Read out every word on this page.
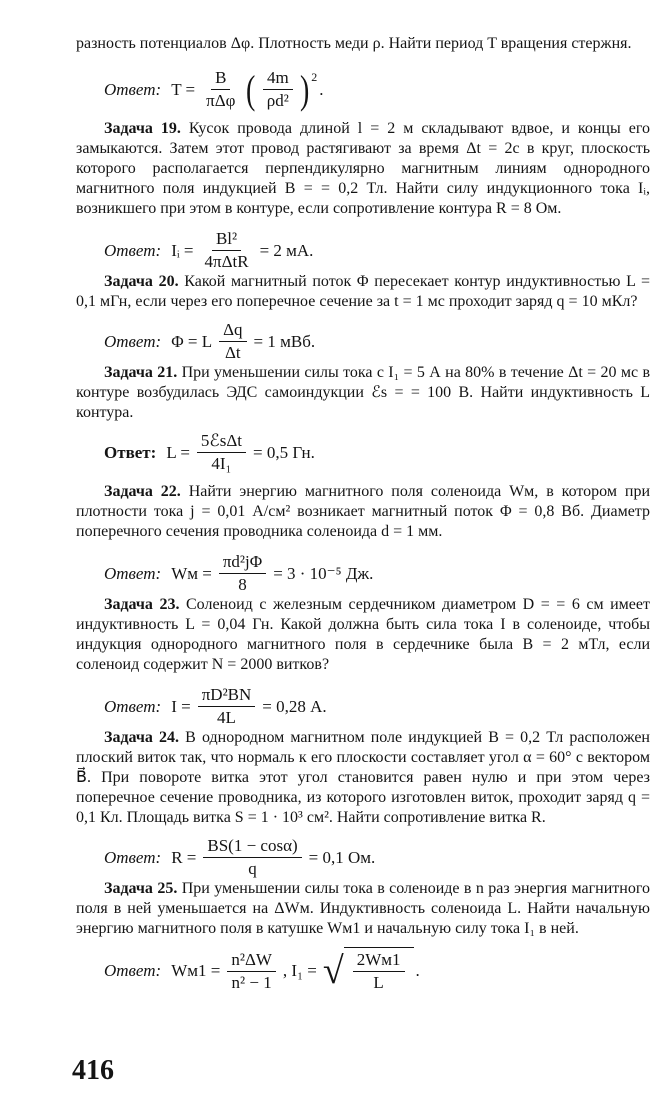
разность потенциалов Δφ. Плотность меди ρ. Найти период T вращения стержня.

Ответ: $T = \frac{B}{\text{πΔφ}}$ ( $\frac{4m}{\text{ρd²}}$ ) 2
.

Задача 19. Кусок провода длиной l = 2 м складывают вдвое, и концы его замыкаются. Затем этот провод растягивают за время Δt = 2с в круг, плоскость которого располагается перпендикулярно магнитным линиям однородного магнитного поля индукцией B = = 0,2 Тл. Найти силу индукционного тока Iᵢ, возникшего при этом в контуре, если сопротивление контура R = 8 Ом.

Ответ: Iᵢ = $\frac{\text{Bl²}}{\text{4πΔtR}} = 2$ мА.

Задача 20. Какой магнитный поток Φ пересекает контур индуктивностью L = 0,1 мГн, если через его поперечное сечение за t = 1 мс проходит заряд q = 10 мКл?

Ответ: Φ = L $\frac{\Delta q}{\Delta t} = 1$ мВб.

Задача 21. При уменьшении силы тока с I₁ = 5 А на 80% в течение Δt = 20 мс в контуре возбудилась ЭДС самоиндукции ℰs = = 100 В. Найти индуктивность L контура.

Ответ: $L = \frac{\text{5ℰsΔt}}{\text{4I₁}} = 0,5$ Гн.

Задача 22. Найти энергию магнитного поля соленоида Wм, в котором при плотности тока j = 0,01 А/см² возникает магнитный поток Φ = 0,8 Вб. Диаметр поперечного сечения проводника соленоида d = 1 мм.

Ответ: Wм = $\frac{\text{πd²jΦ}}{8} = 3 \cdot 10^{-5}$ Дж.

Задача 23. Соленоид с железным сердечником диаметром D = = 6 см имеет индуктивность L = 0,04 Гн. Какой должна быть сила тока I в соленоиде, чтобы индукция однородного магнитного поля в сердечнике была B = 2 мТл, если соленоид содержит N = 2000 витков?

Ответ: $I = \frac{\text{πD²BN}}{4L} = 0,28$ А.

Задача 24. В однородном магнитном поле индукцией B = 0,2 Тл расположен плоский виток так, что нормаль к его плоскости составляет угол α = 60° с вектором B⃗. При повороте витка этот угол становится равен нулю и при этом через поперечное сечение проводника, из которого изготовлен виток, проходит заряд q = 0,1 Кл. Площадь витка S = 1 · 10³ см². Найти сопротивление витка R.

Ответ: $R = \frac{BS(1 - \cos\alpha)}{q} = 0,1$ Ом.

Задача 25. При уменьшении силы тока в соленоиде в n раз энергия магнитного поля в ней уменьшается на ΔWм. Индуктивность соленоида L. Найти начальную энергию магнитного поля в катушке Wм1 и начальную силу тока I₁ в ней.

Ответ: $Wм1 = \frac{\text{n²ΔW}}{\text{n² − 1}}$ , I₁ = √ $\frac{2Wм1}{L}$ .
416
